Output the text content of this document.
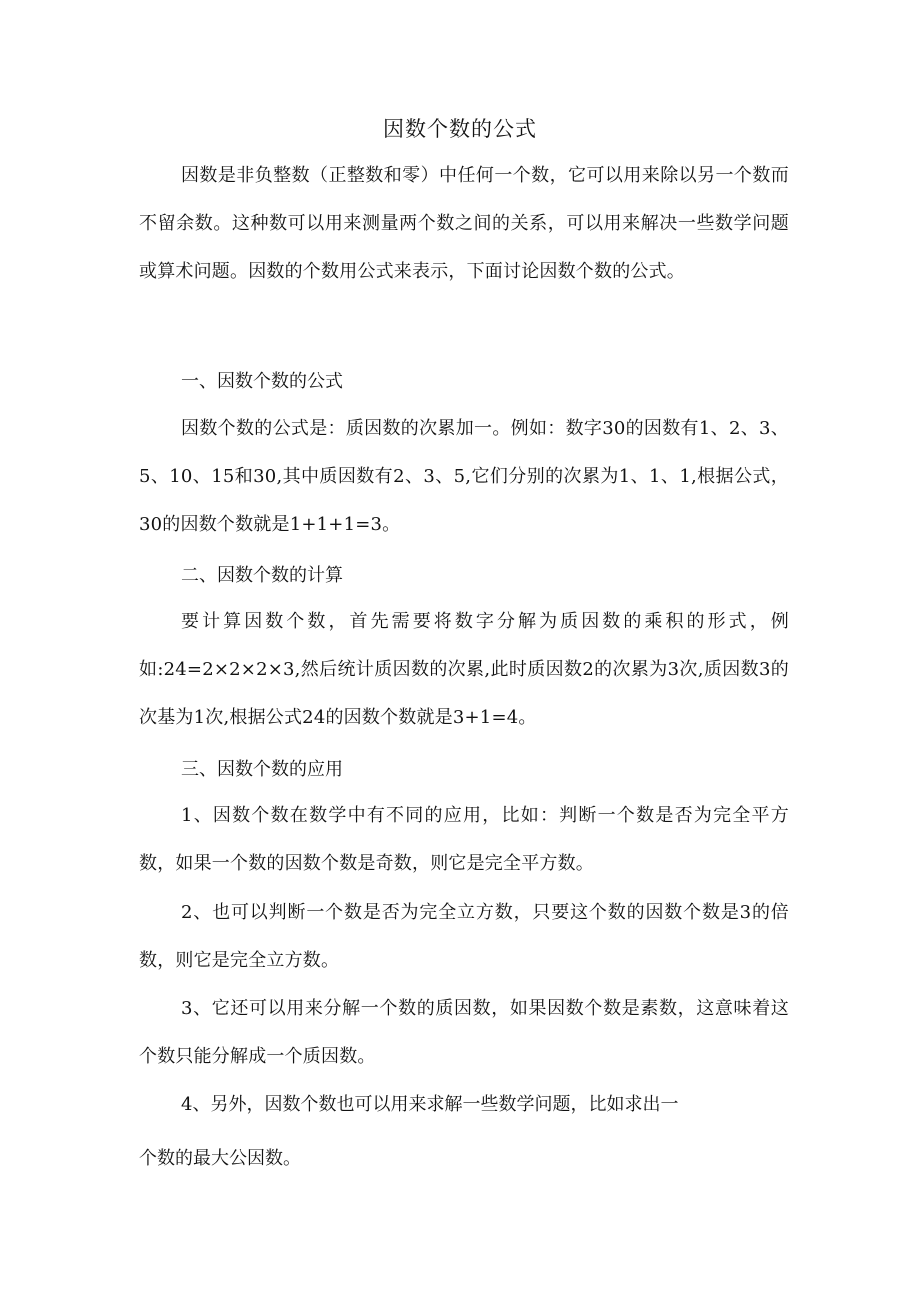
因数个数的公式

因数是非负整数（正整数和零）中任何一个数，它可以用来除以另一个数而不留余数。这种数可以用来测量两个数之间的关系，可以用来解决一些数学问题或算术问题。因数的个数用公式来表示，下面讨论因数个数的公式。

一、因数个数的公式

因数个数的公式是：质因数的次累加一。例如：数字30的因数有1、2、3、5、10、15和30,其中质因数有2、3、5,它们分别的次累为1、1、1,根据公式，30的因数个数就是1+1+1=3。

二、因数个数的计算

要计算因数个数，首先需要将数字分解为质因数的乘积的形式，例如:24=2×2×2×3,然后统计质因数的次累,此时质因数2的次累为3次,质因数3的次基为1次,根据公式24的因数个数就是3+1=4。

三、因数个数的应用

1、因数个数在数学中有不同的应用，比如：判断一个数是否为完全平方数，如果一个数的因数个数是奇数，则它是完全平方数。

2、也可以判断一个数是否为完全立方数，只要这个数的因数个数是3的倍数，则它是完全立方数。

3、它还可以用来分解一个数的质因数，如果因数个数是素数，这意味着这个数只能分解成一个质因数。

4、另外，因数个数也可以用来求解一些数学问题，比如求出一

个数的最大公因数。
